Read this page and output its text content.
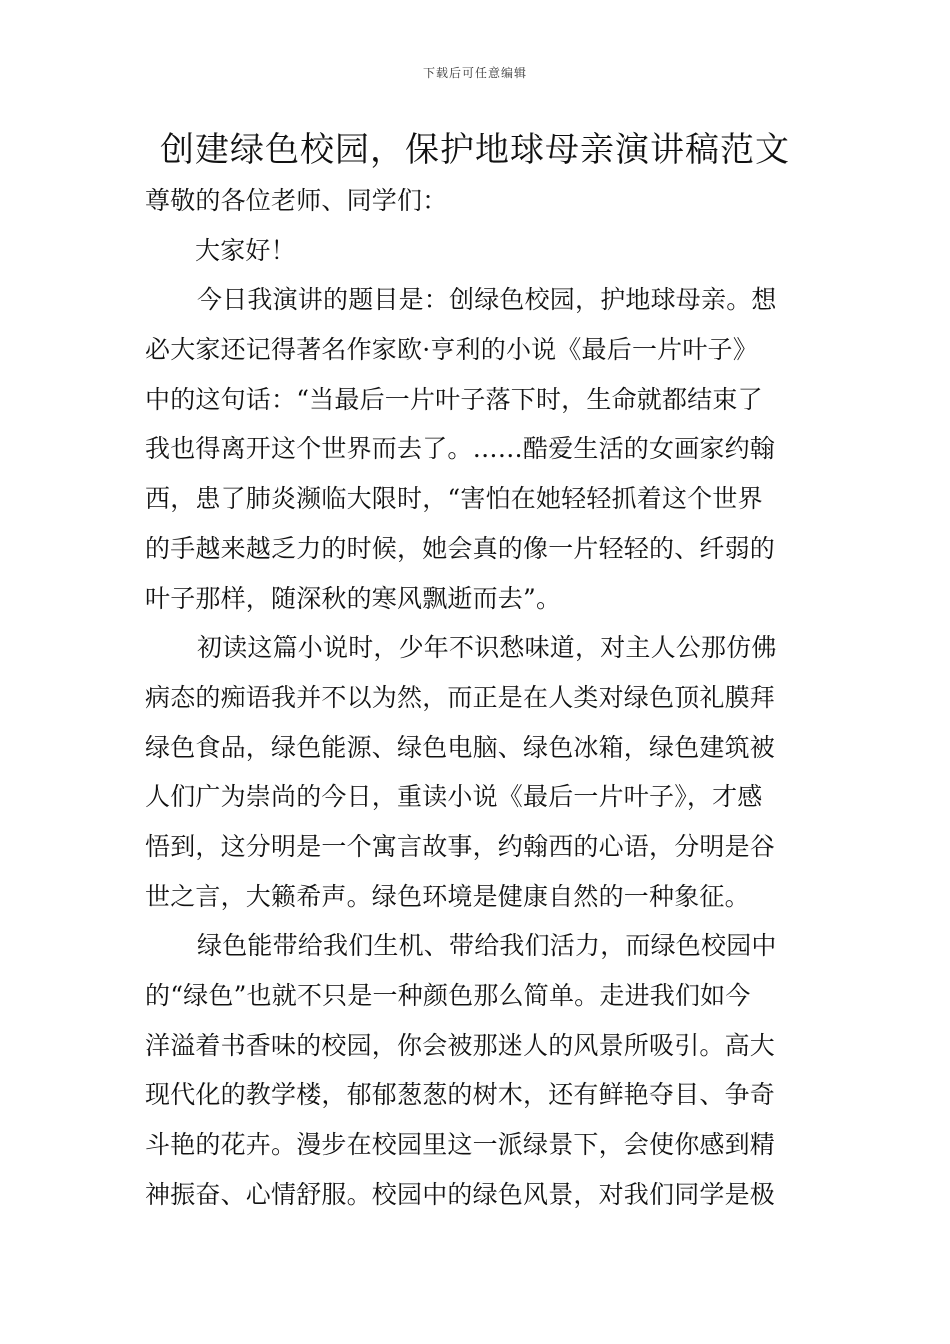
下载后可任意编辑
创建绿色校园，保护地球母亲演讲稿范文
尊敬的各位老师、同学们：
大家好！
今日我演讲的题目是：创绿色校园，护地球母亲。想
必大家还记得著名作家欧·亨利的小说《最后一片叶子》
中的这句话：“当最后一片叶子落下时，生命就都结束了
我也得离开这个世界而去了。……酷爱生活的女画家约翰
西，患了肺炎濒临大限时，“害怕在她轻轻抓着这个世界
的手越来越乏力的时候，她会真的像一片轻轻的、纤弱的
叶子那样，随深秋的寒风飘逝而去”。
初读这篇小说时，少年不识愁味道，对主人公那仿佛
病态的痴语我并不以为然，而正是在人类对绿色顶礼膜拜
绿色食品，绿色能源、绿色电脑、绿色冰箱，绿色建筑被
人们广为崇尚的今日，重读小说《最后一片叶子》，才感
悟到，这分明是一个寓言故事，约翰西的心语，分明是谷
世之言，大籁希声。绿色环境是健康自然的一种象征。
绿色能带给我们生机、带给我们活力，而绿色校园中
的“绿色”也就不只是一种颜色那么简单。走进我们如今
洋溢着书香味的校园，你会被那迷人的风景所吸引。高大
现代化的教学楼，郁郁葱葱的树木，还有鲜艳夺目、争奇
斗艳的花卉。漫步在校园里这一派绿景下，会使你感到精
神振奋、心情舒服。校园中的绿色风景，对我们同学是极
